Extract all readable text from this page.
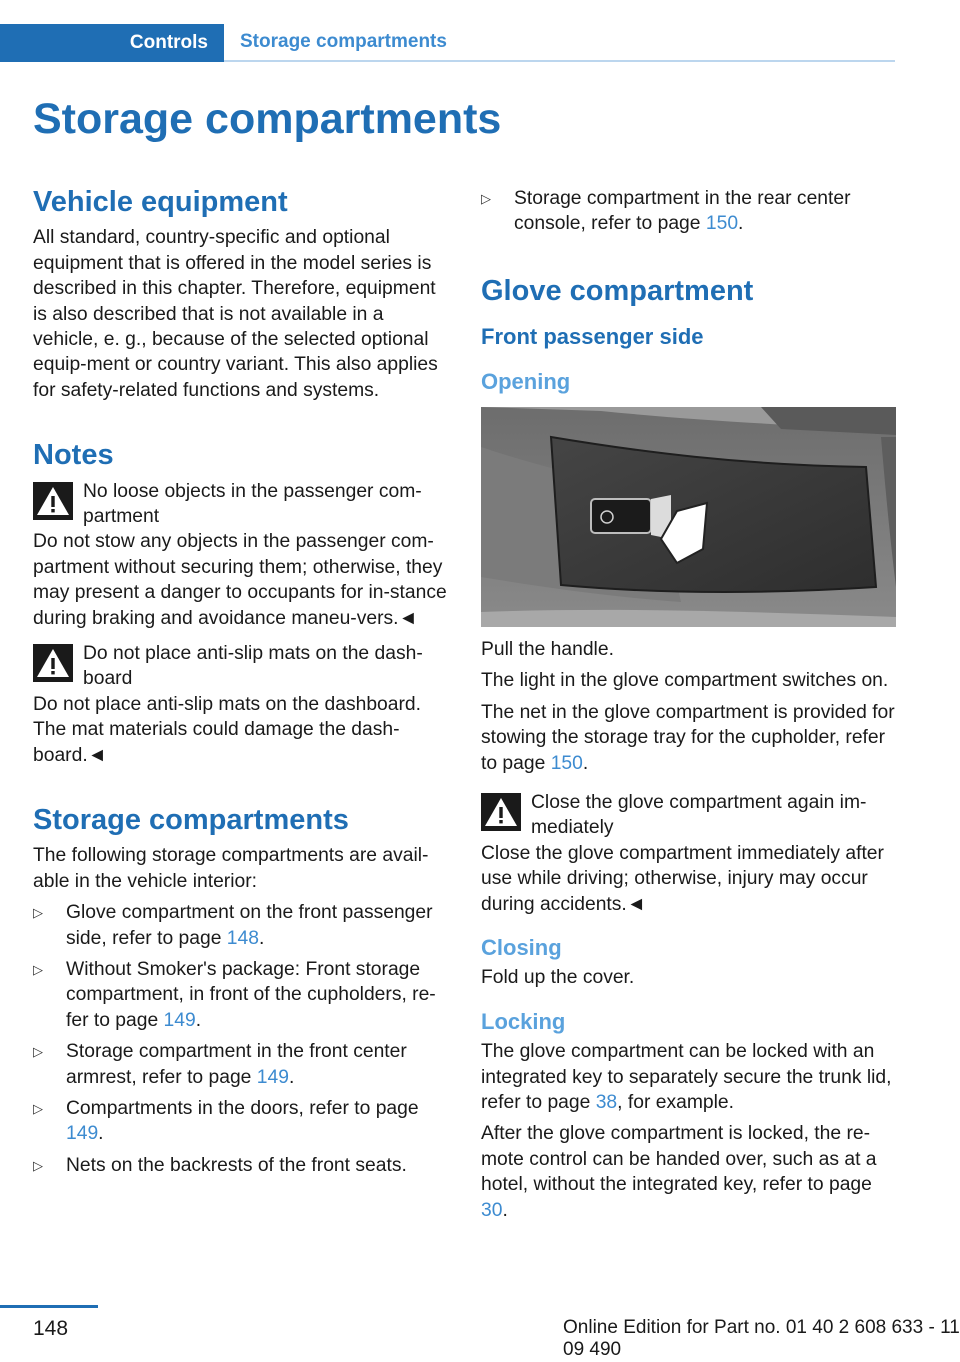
Controls Storage compartments
Storage compartments
Vehicle equipment

All standard, country-specific and optional equipment that is offered in the model series is described in this chapter. Therefore, equipment is also described that is not available in a vehicle, e. g., because of the selected optional equip-ment or country variant. This also applies for safety-related functions and systems.

Notes
No loose objects in the passenger com-partment

Do not stow any objects in the passenger com-partment without securing them; otherwise, they may present a danger to occupants for in-stance during braking and avoidance maneu-vers.◄

Do not place anti-slip mats on the dash-board

Do not place anti-slip mats on the dashboard. The mat materials could damage the dash-board.◄

Storage compartments

The following storage compartments are avail-able in the vehicle interior:

▷ Glove compartment on the front passenger side, refer to page 148.
▷ Without Smoker's package: Front storage compartment, in front of the cupholders, re-fer to page 149.
▷ Storage compartment in the front center armrest, refer to page 149.
▷ Compartments in the doors, refer to page 149.
▷ Nets on the backrests of the front seats.
▷ Storage compartment in the rear center console, refer to page 150.
Glove compartment
Front passenger side
Opening

Pull the handle.

The light in the glove compartment switches on.

The net in the glove compartment is provided for stowing the storage tray for the cupholder, refer to page 150.

Close the glove compartment again im-mediately

Close the glove compartment immediately after use while driving; otherwise, injury may occur during accidents.◄

Closing

Fold up the cover.

Locking

The glove compartment can be locked with an integrated key to separately secure the trunk lid, refer to page 38, for example.

After the glove compartment is locked, the re-mote control can be handed over, such as at a hotel, without the integrated key, refer to page 30.

148	Online Edition for Part no. 01 40 2 608 633 - 11 09 490
